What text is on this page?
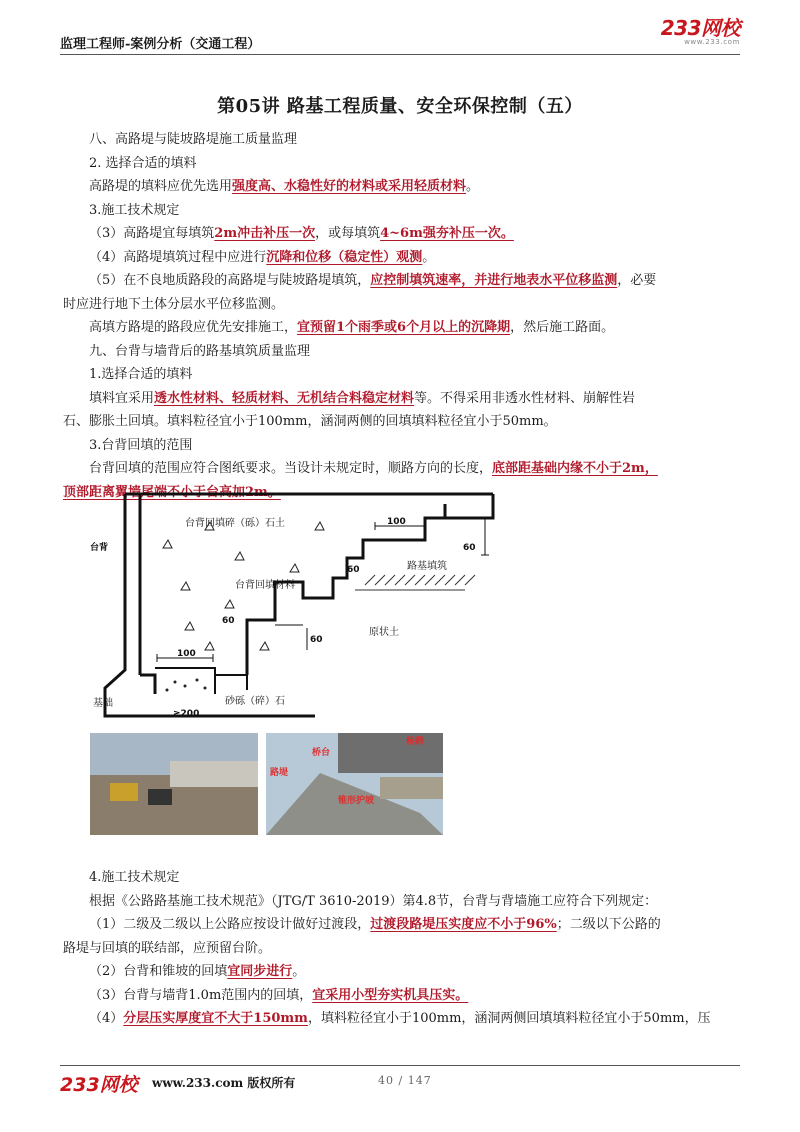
监理工程师-案例分析（交通工程）
233网校
www.233.com
第05讲 路基工程质量、安全环保控制（五）
八、高路堤与陡坡路堤施工质量监理
2. 选择合适的填料
高路堤的填料应优先选用强度高、水稳性好的材料或采用轻质材料。
3.施工技术规定
（3）高路堤宜每填筑2m冲击补压一次，或每填筑4~6m强夯补压一次。
（4）高路堤填筑过程中应进行沉降和位移（稳定性）观测。
（5）在不良地质路段的高路堤与陡坡路堤填筑，应控制填筑速率，并进行地表水平位移监测，必要
时应进行地下土体分层水平位移监测。
高填方路堤的路段应优先安排施工，宜预留1个雨季或6个月以上的沉降期，然后施工路面。
九、台背与墙背后的路基填筑质量监理
1.选择合适的填料
填料宜采用透水性材料、轻质材料、无机结合料稳定材料等。不得采用非透水性材料、崩解性岩
石、膨胀土回填。填料粒径宜小于100mm，涵洞两侧的回填填料粒径宜小于50mm。
3.台背回填的范围
台背回填的范围应符合图纸要求。当设计未规定时，顺路方向的长度，底部距基础内缘不小于2m，
顶部距离翼墙尾端不小于台高加2m。
台背回填碎（砾）石土
台背
台背回填材料
路基填筑
原状土
基础	砂砾（碎）石
100
60
60
60
60
100
≥200
桥台
桥跨
路堤
锥形护坡
4.施工技术规定
根据《公路路基施工技术规范》（JTG/T 3610-2019）第4.8节，台背与背墙施工应符合下列规定：
（1）二级及二级以上公路应按设计做好过渡段，过渡段路堤压实度应不小于96%；二级以下公路的
路堤与回填的联结部，应预留台阶。
（2）台背和锥坡的回填宜同步进行。
（3）台背与墙背1.0m范围内的回填，宜采用小型夯实机具压实。
（4）分层压实厚度宜不大于150mm，填料粒径宜小于100mm，涵洞两侧回填填料粒径宜小于50mm，压
233网校 www.233.com 版权所有	40 / 147
